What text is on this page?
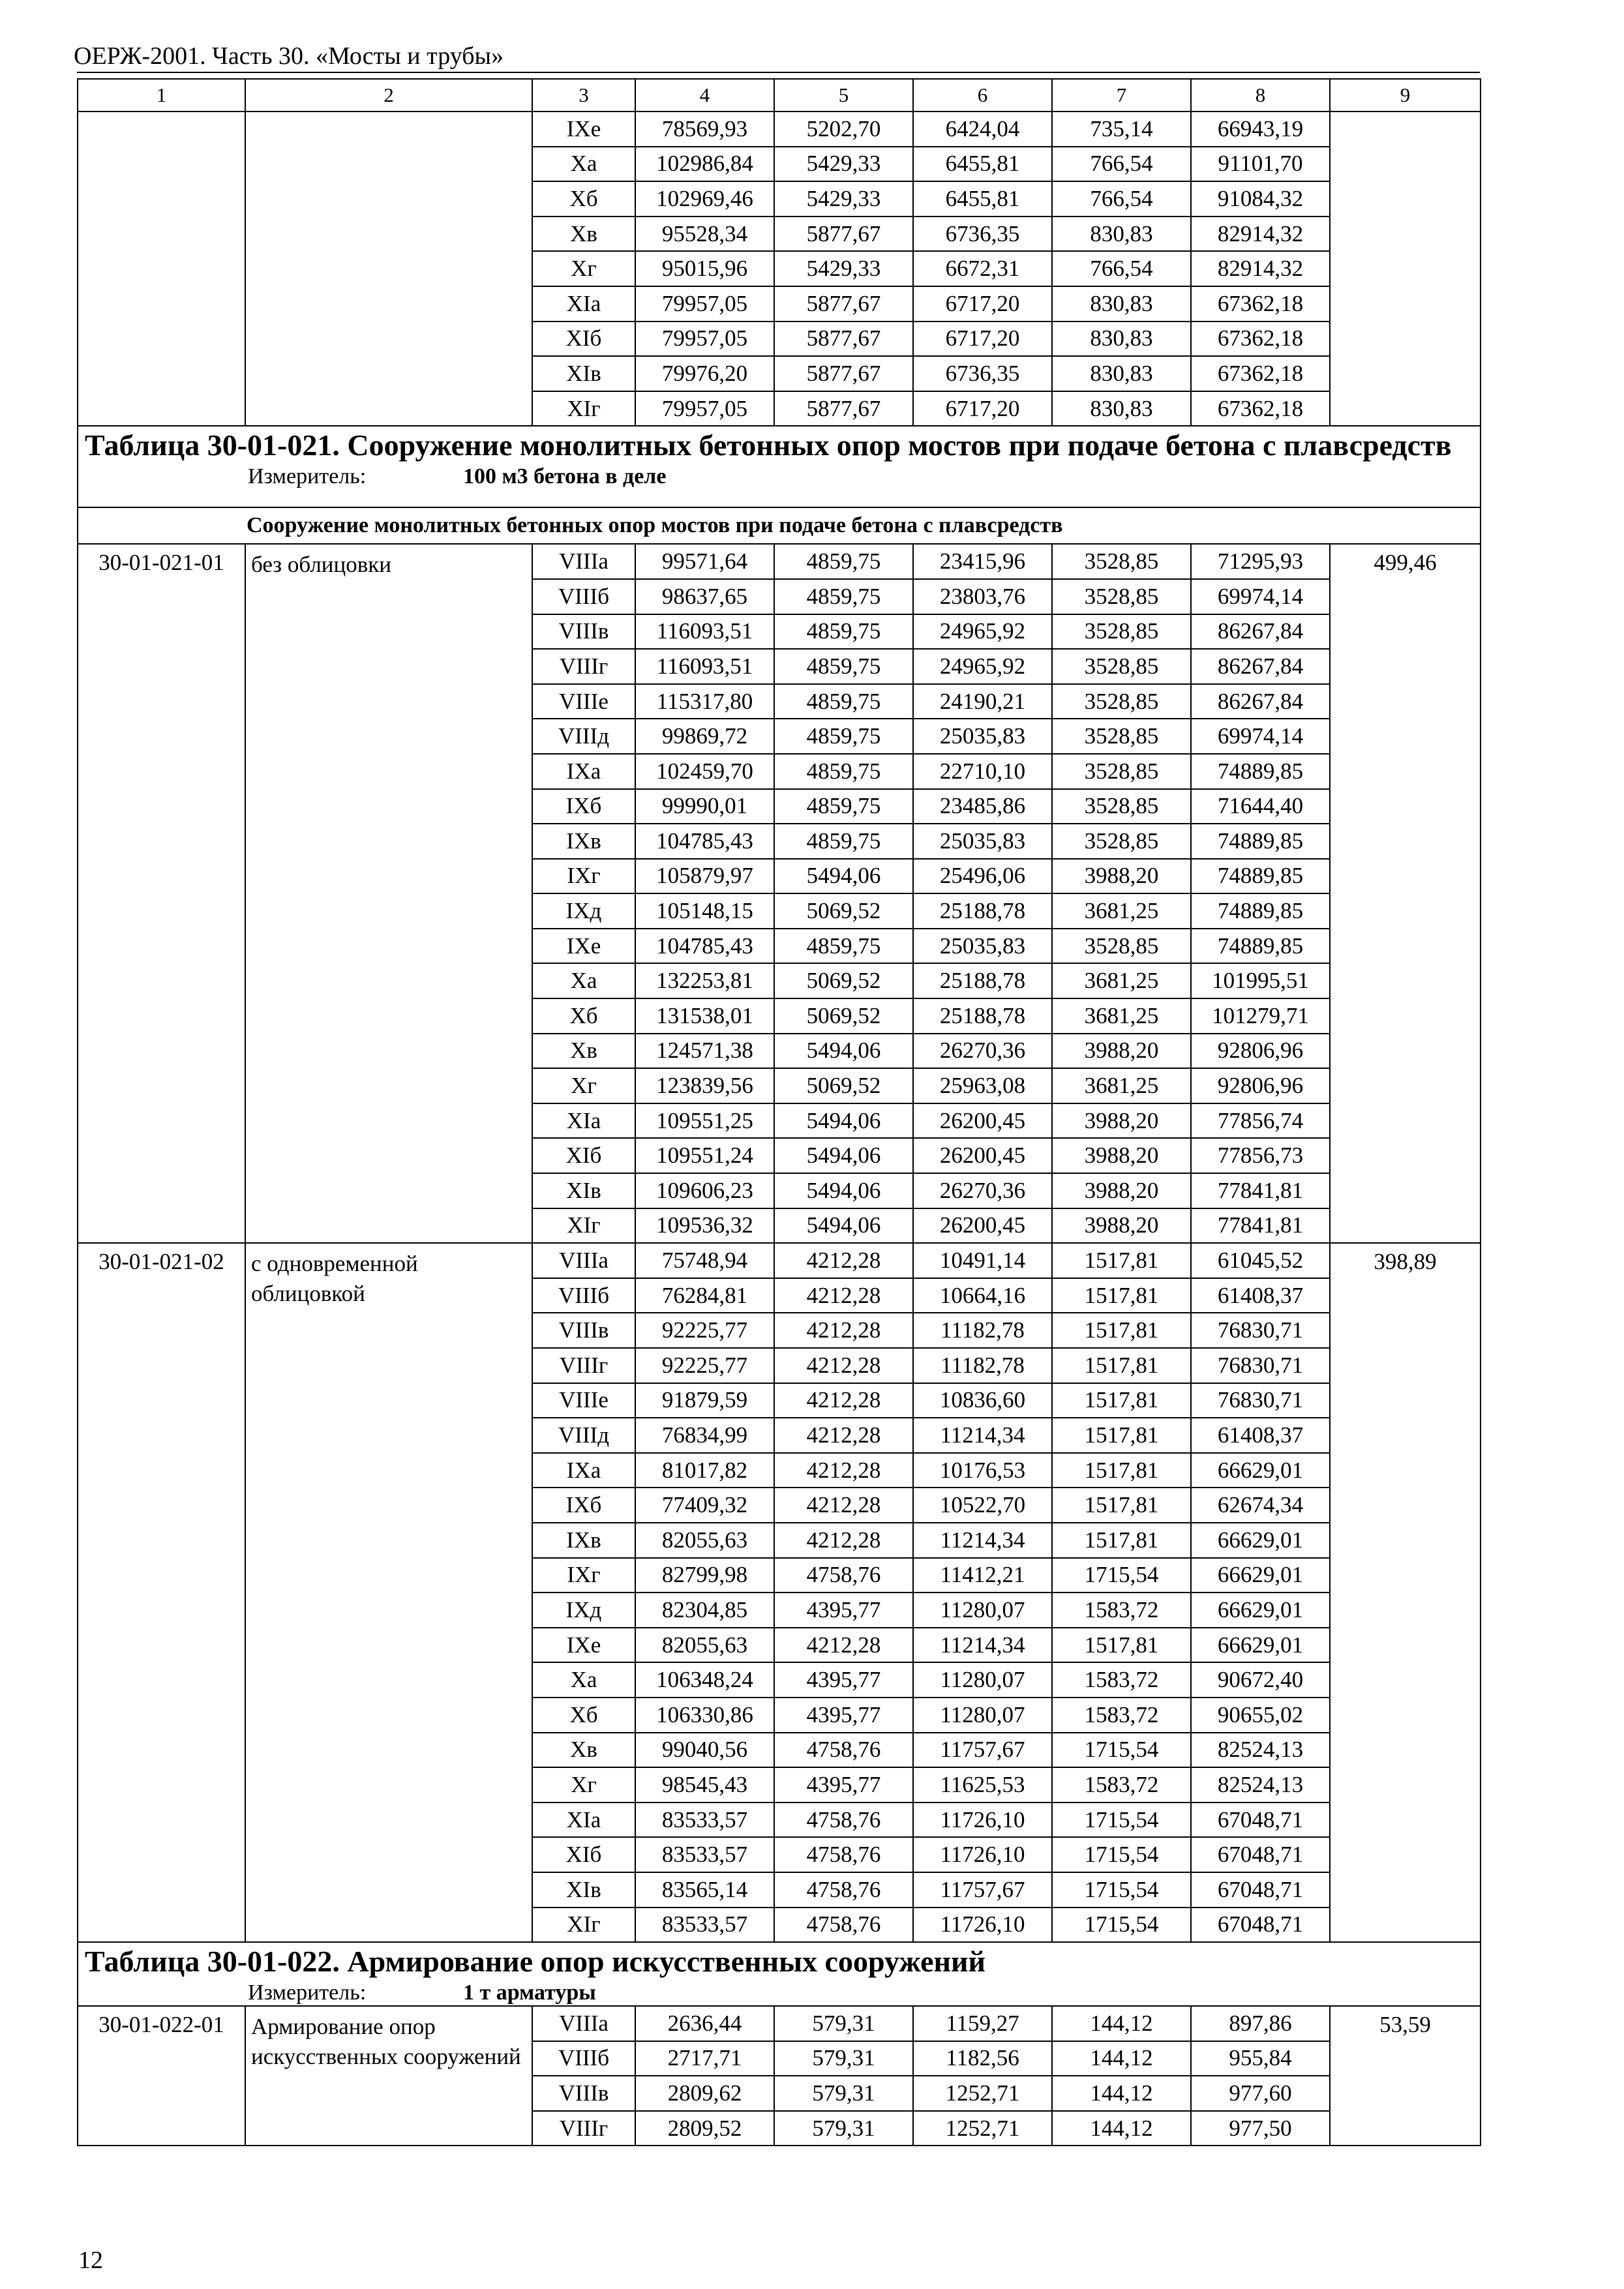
ОЕРЖ-2001. Часть 30. «Мосты и трубы»
1	2	3	4	5	6	7	8	9
		IXе	78569,93	5202,70	6424,04	735,14	66943,19	
		Xа	102986,84	5429,33	6455,81	766,54	91101,70	
		Xб	102969,46	5429,33	6455,81	766,54	91084,32	
		Xв	95528,34	5877,67	6736,35	830,83	82914,32	
		Xг	95015,96	5429,33	6672,31	766,54	82914,32	
		XIа	79957,05	5877,67	6717,20	830,83	67362,18	
		XIб	79957,05	5877,67	6717,20	830,83	67362,18	
		XIв	79976,20	5877,67	6736,35	830,83	67362,18	
		XIг	79957,05	5877,67	6717,20	830,83	67362,18	

Таблица 30-01-021. Сооружение монолитных бетонных опор мостов при подаче бетона с плавсредств
Измеритель: 100 м3 бетона в деле								

Сооружение монолитных бетонных опор мостов при подаче бетона с плавсредств								
30-01-021-01	без облицовки	VIIIа	99571,64	4859,75	23415,96	3528,85	71295,93	499,46
		VIIIб	98637,65	4859,75	23803,76	3528,85	69974,14	
		VIIIв	116093,51	4859,75	24965,92	3528,85	86267,84	
		VIIIг	116093,51	4859,75	24965,92	3528,85	86267,84	
		VIIIе	115317,80	4859,75	24190,21	3528,85	86267,84	
		VIIIд	99869,72	4859,75	25035,83	3528,85	69974,14	
		IXа	102459,70	4859,75	22710,10	3528,85	74889,85	
		IXб	99990,01	4859,75	23485,86	3528,85	71644,40	
		IXв	104785,43	4859,75	25035,83	3528,85	74889,85	
		IXг	105879,97	5494,06	25496,06	3988,20	74889,85	
		IXд	105148,15	5069,52	25188,78	3681,25	74889,85	
		IXе	104785,43	4859,75	25035,83	3528,85	74889,85	
		Xа	132253,81	5069,52	25188,78	3681,25	101995,51	
		Xб	131538,01	5069,52	25188,78	3681,25	101279,71	
		Xв	124571,38	5494,06	26270,36	3988,20	92806,96	
		Xг	123839,56	5069,52	25963,08	3681,25	92806,96	
		XIа	109551,25	5494,06	26200,45	3988,20	77856,74	
		XIб	109551,24	5494,06	26200,45	3988,20	77856,73	
		XIв	109606,23	5494,06	26270,36	3988,20	77841,81	
		XIг	109536,32	5494,06	26200,45	3988,20	77841,81	
30-01-021-02	с одновременной облицовкой	VIIIа	75748,94	4212,28	10491,14	1517,81	61045,52	398,89
		VIIIб	76284,81	4212,28	10664,16	1517,81	61408,37	
		VIIIв	92225,77	4212,28	11182,78	1517,81	76830,71	
		VIIIг	92225,77	4212,28	11182,78	1517,81	76830,71	
		VIIIе	91879,59	4212,28	10836,60	1517,81	76830,71	
		VIIIд	76834,99	4212,28	11214,34	1517,81	61408,37	
		IXа	81017,82	4212,28	10176,53	1517,81	66629,01	
		IXб	77409,32	4212,28	10522,70	1517,81	62674,34	
		IXв	82055,63	4212,28	11214,34	1517,81	66629,01	
		IXг	82799,98	4758,76	11412,21	1715,54	66629,01	
		IXд	82304,85	4395,77	11280,07	1583,72	66629,01	
		IXе	82055,63	4212,28	11214,34	1517,81	66629,01	
		Xа	106348,24	4395,77	11280,07	1583,72	90672,40	
		Xб	106330,86	4395,77	11280,07	1583,72	90655,02	
		Xв	99040,56	4758,76	11757,67	1715,54	82524,13	
		Xг	98545,43	4395,77	11625,53	1583,72	82524,13	
		XIа	83533,57	4758,76	11726,10	1715,54	67048,71	
		XIб	83533,57	4758,76	11726,10	1715,54	67048,71	
		XIв	83565,14	4758,76	11757,67	1715,54	67048,71	
		XIг	83533,57	4758,76	11726,10	1715,54	67048,71	

Таблица 30-01-022. Армирование опор искусственных сооружений
Измеритель: 1 т арматуры								

30-01-022-01	Армирование опор искусственных сооружений	VIIIа	2636,44	579,31	1159,27	144,12	897,86	53,59
		VIIIб	2717,71	579,31	1182,56	144,12	955,84	
		VIIIв	2809,62	579,31	1252,71	144,12	977,60	
		VIIIг	2809,52	579,31	1252,71	144,12	977,50	
12
